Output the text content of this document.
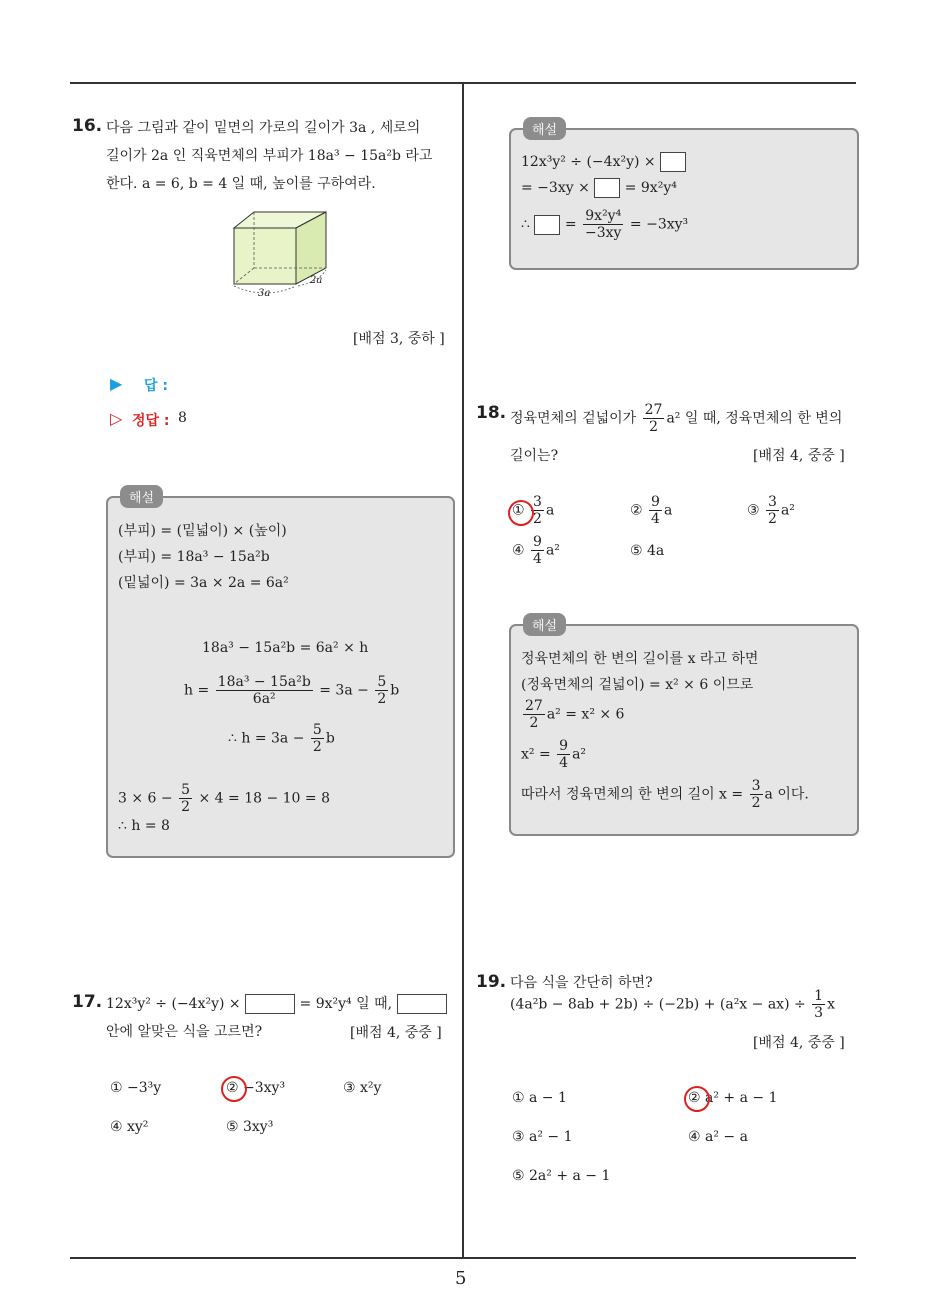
5
16. 다음 그림과 같이 밑면의 가로의 길이가 3a , 세로의
길이가 2a 인 직육면체의 부피가 18a³ − 15a²b 라고
한다. a = 6, b = 4 일 때, 높이를 구하여라.
3a
2a
[배점 3, 중하 ]
▶ 답 :
▷ 정답 : 8
해설
(부피) = (밑넓이) × (높이)
(부피) = 18a³ − 15a²b
(밑넓이) = 3a × 2a = 6a²
18a³ − 15a²b = 6a² × h
$h = \frac{\text{18a³ − 15a²b}}{\text{6a²}} = 3a - \frac{5}{2}$ b
∴ $h = 3a - \frac{5}{2}$ b
$3 \times 6 - \frac{5}{2} \times 4 = 18 - 10 = 8$
∴ h = 8
17. 12x³y² ÷ (−4x²y) ×	= 9x²y⁴ 일 때,
안에 알맞은 식을 고르면?	[배점 4, 중중 ]
① −3³y	② −3xy³	③ x²y
④ xy²	⑤ 3xy³
해설
12x³y² ÷ (−4x²y) ×
= −3xy × = 9x²y⁴
∴ = $\frac{\text{9x²y⁴}}{-3xy} = -3xy^3$
18. 정육면체의 겉넓이가 $\frac{27}{2} a^2$ 일 때, 정육면체의 한 변의
길이는?	[배점 4, 중중 ]
① $\frac{3}{2}$ a	② $\frac{9}{4}$ a	③ $\frac{3}{2} a^2$
④ $\frac{9}{4} a^2$	⑤ 4a
해설
정육면체의 한 변의 길이를 x 라고 하면
(정육면체의 겉넓이) = x² × 6 이므로
$\frac{27}{2} a^2 = x^2 \times 6$
$x^2 = \frac{9}{4} a^2$
따라서 정육면체의 한 변의 길이 $x = \frac{3}{2}$ a 이다.
19. 다음 식을 간단히 하면?
$(4a^2b - 8ab + 2b) \div (-2b) + (a^2x - ax) \div \frac{1}{3}$ x
[배점 4, 중중 ]
① a − 1	② a² + a − 1
③ a² − 1	④ a² − a
⑤ 2a² + a − 1
